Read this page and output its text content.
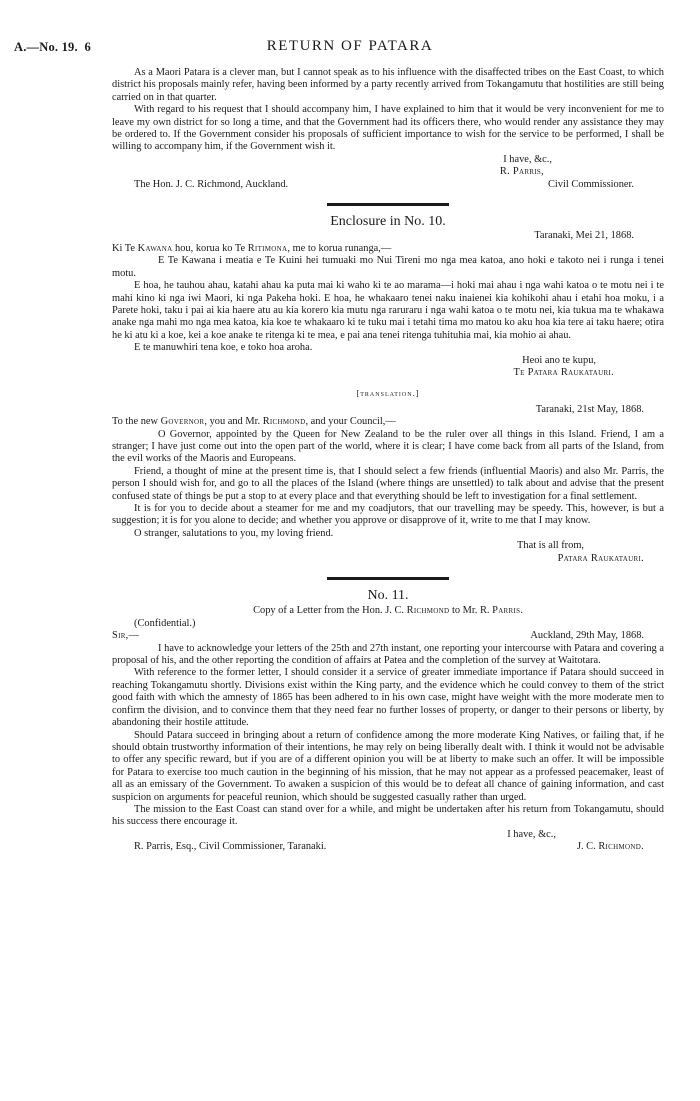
A.—No. 19. 6	RETURN OF PATARA

As a Maori Patara is a clever man, but I cannot speak as to his influence with the disaffected tribes on the East Coast, to which district his proposals mainly refer, having been informed by a party recently arrived from Tokangamutu that hostilities are still being carried on in that quarter.

With regard to his request that I should accompany him, I have explained to him that it would be very inconvenient for me to leave my own district for so long a time, and that the Government had its officers there, who would render any assistance they may be ordered to. If the Government consider his proposals of sufficient importance to wish for the service to be performed, I shall be willing to accompany him, if the Government wish it.

I have, &c.,

R. Parris,

The Hon. J. C. Richmond, Auckland.	Civil Commissioner.

Enclosure in No. 10.

Taranaki, Mei 21, 1868.

Ki Te Kawana hou, korua ko Te Ritimona, me to korua runanga,—

E Te Kawana i meatia e Te Kuini hei tumuaki mo Nui Tireni mo nga mea katoa, ano hoki e takoto nei i runga i tenei motu.

E hoa, he tauhou ahau, katahi ahau ka puta mai ki waho ki te ao marama—i hoki mai ahau i nga wahi katoa o te motu nei i te mahi kino ki nga iwi Maori, ki nga Pakeha hoki. E hoa, he whakaaro tenei naku inaienei kia kohikohi ahau i etahi hoa moku, i a Parete hoki, taku i pai ai kia haere atu au kia korero kia mutu nga raruraru i nga wahi katoa o te motu nei, kia tukua ma te whakawa anake nga mahi mo nga mea katoa, kia koe te whakaaro ki te tuku mai i tetahi tima mo matou ko aku hoa kia tere ai taku haere; otira he ki atu ki a koe, kei a koe anake te ritenga ki te mea, e pai ana tenei ritenga tuhituhia mai, kia mohio ai ahau.

E te manuwhiri tena koe, e toko hoa aroha.

Heoi ano te kupu,

Te Patara Raukatauri.

[translation.]

Taranaki, 21st May, 1868.

To the new Governor, you and Mr. Richmond, and your Council,—

O Governor, appointed by the Queen for New Zealand to be the ruler over all things in this Island. Friend, I am a stranger; I have just come out into the open part of the world, where it is clear; I have come back from all parts of the Island, from the evil works of the Maoris and Europeans.

Friend, a thought of mine at the present time is, that I should select a few friends (influential Maoris) and also Mr. Parris, the person I should wish for, and go to all the places of the Island (where things are unsettled) to talk about and advise that the present confused state of things be put a stop to at every place and that everything should be left to investigation for a final settlement.

It is for you to decide about a steamer for me and my coadjutors, that our travelling may be speedy. This, however, is but a suggestion; it is for you alone to decide; and whether you approve or disapprove of it, write to me that I may know.

O stranger, salutations to you, my loving friend.

That is all from,

Patara Raukatauri.

No. 11.

Copy of a Letter from the Hon. J. C. Richmond to Mr. R. Parris.

(Confidential.)

Sir,—	Auckland, 29th May, 1868.

I have to acknowledge your letters of the 25th and 27th instant, one reporting your intercourse with Patara and covering a proposal of his, and the other reporting the condition of affairs at Patea and the completion of the survey at Waitotara.

With reference to the former letter, I should consider it a service of greater immediate importance if Patara should succeed in reaching Tokangamutu shortly. Divisions exist within the King party, and the evidence which he could convey to them of the strict good faith with which the amnesty of 1865 has been adhered to in his own case, might have weight with the more moderate men to confirm the division, and to convince them that they need fear no further losses of property, or danger to their persons or liberty, by abandoning their hostile attitude.

Should Patara succeed in bringing about a return of confidence among the more moderate King Natives, or failing that, if he should obtain trustworthy information of their intentions, he may rely on being liberally dealt with. I think it would not be advisable to offer any specific reward, but if you are of a different opinion you will be at liberty to make such an offer. It will be impossible for Patara to exercise too much caution in the beginning of his mission, that he may not appear as a professed peacemaker, least of all as an emissary of the Government. To awaken a suspicion of this would be to defeat all chance of gaining information, and cast suspicion on arguments for peaceful reunion, which should be suggested casually rather than urged.

The mission to the East Coast can stand over for a while, and might be undertaken after his return from Tokangamutu, should his success there encourage it.

I have, &c.,

R. Parris, Esq., Civil Commissioner, Taranaki.	J. C. Richmond.
